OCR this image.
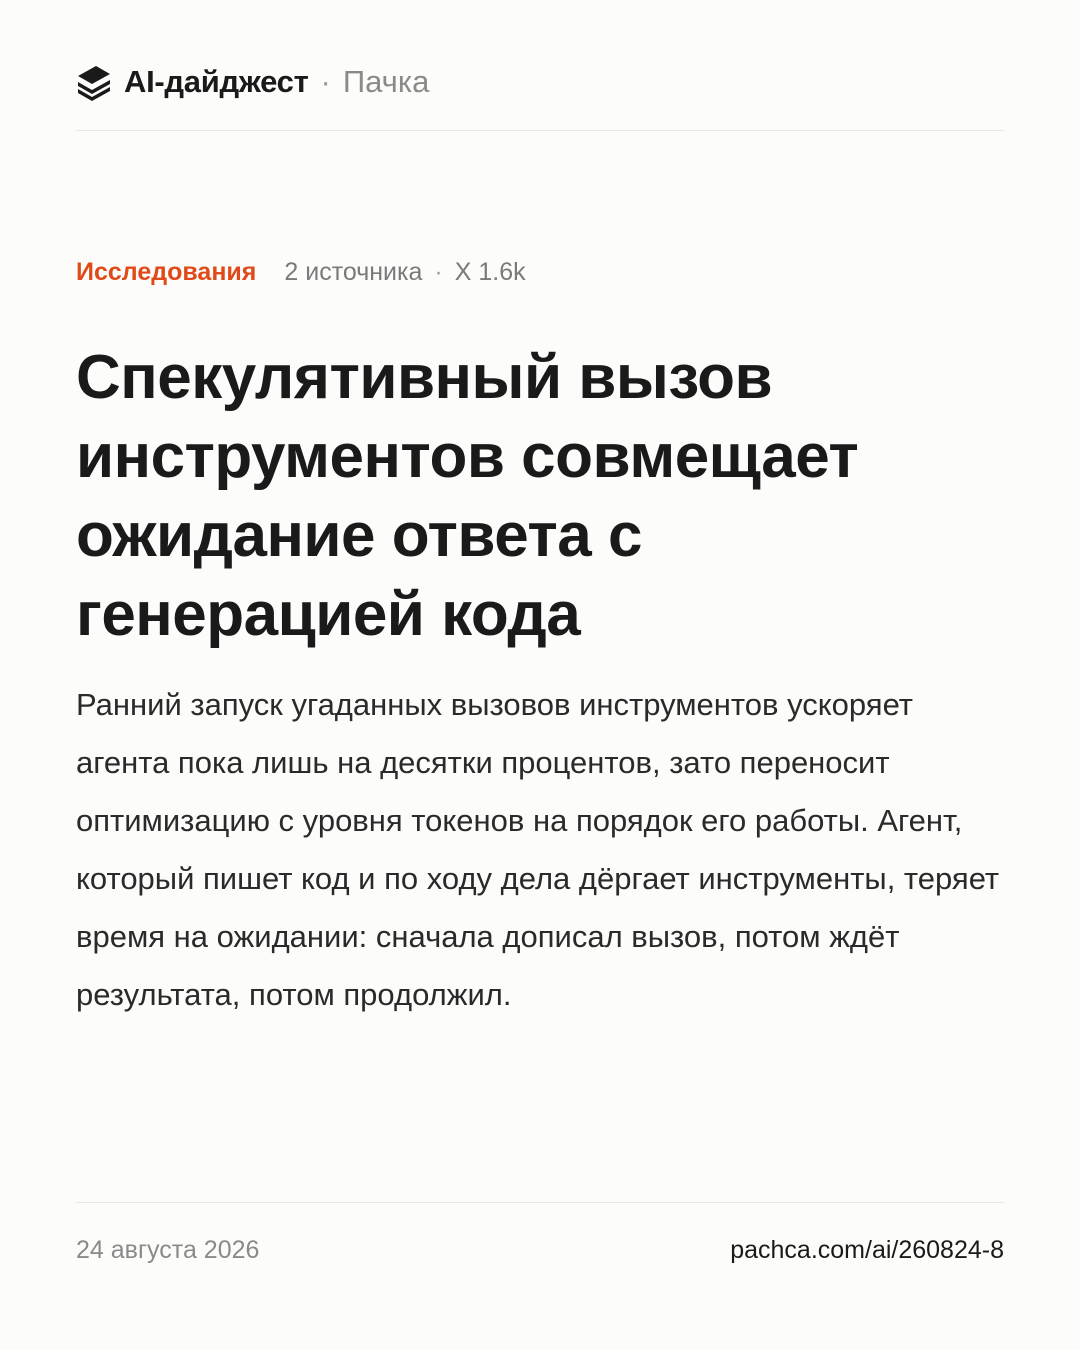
AI-дайджест · Пачка
Исследования 2 источника · X 1.6k
Спекулятивный вызов инструментов совмещает ожидание ответа с генерацией кода

Ранний запуск угаданных вызовов инструментов ускоряет агента пока лишь на десятки процентов, зато переносит оптимизацию с уровня токенов на порядок его работы. Агент, который пишет код и по ходу дела дёргает инструменты, теряет время на ожидании: сначала дописал вызов, потом ждёт результата, потом продолжил.

24 августа 2026	pachca.com/ai/260824-8
